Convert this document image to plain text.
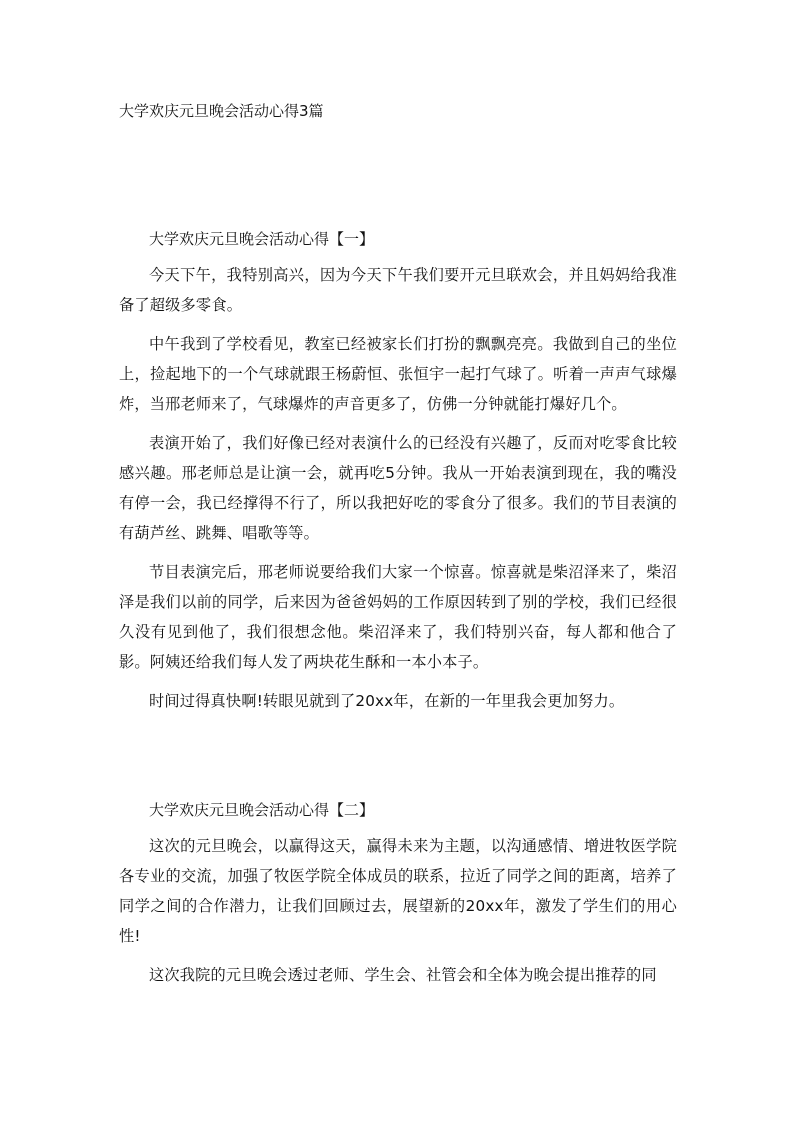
大学欢庆元旦晚会活动心得3篇
大学欢庆元旦晚会活动心得【一】

今天下午，我特别高兴，因为今天下午我们要开元旦联欢会，并且妈妈给我准备了超级多零食。

中午我到了学校看见，教室已经被家长们打扮的飘飘亮亮。我做到自己的坐位上，捡起地下的一个气球就跟王杨蔚恒、张恒宇一起打气球了。听着一声声气球爆炸，当邢老师来了，气球爆炸的声音更多了，仿佛一分钟就能打爆好几个。

表演开始了，我们好像已经对表演什么的已经没有兴趣了，反而对吃零食比较感兴趣。邢老师总是让演一会，就再吃5分钟。我从一开始表演到现在，我的嘴没有停一会，我已经撑得不行了，所以我把好吃的零食分了很多。我们的节目表演的有葫芦丝、跳舞、唱歌等等。

节目表演完后，邢老师说要给我们大家一个惊喜。惊喜就是柴沼泽来了，柴沼泽是我们以前的同学，后来因为爸爸妈妈的工作原因转到了别的学校，我们已经很久没有见到他了，我们很想念他。柴沼泽来了，我们特别兴奋，每人都和他合了影。阿姨还给我们每人发了两块花生酥和一本小本子。

时间过得真快啊!转眼见就到了20xx年，在新的一年里我会更加努力。

大学欢庆元旦晚会活动心得【二】

这次的元旦晚会，以赢得这天，赢得未来为主题，以沟通感情、增进牧医学院各专业的交流，加强了牧医学院全体成员的联系，拉近了同学之间的距离，培养了同学之间的合作潜力，让我们回顾过去，展望新的20xx年，激发了学生们的用心性!

这次我院的元旦晚会透过老师、学生会、社管会和全体为晚会提出推荐的同
